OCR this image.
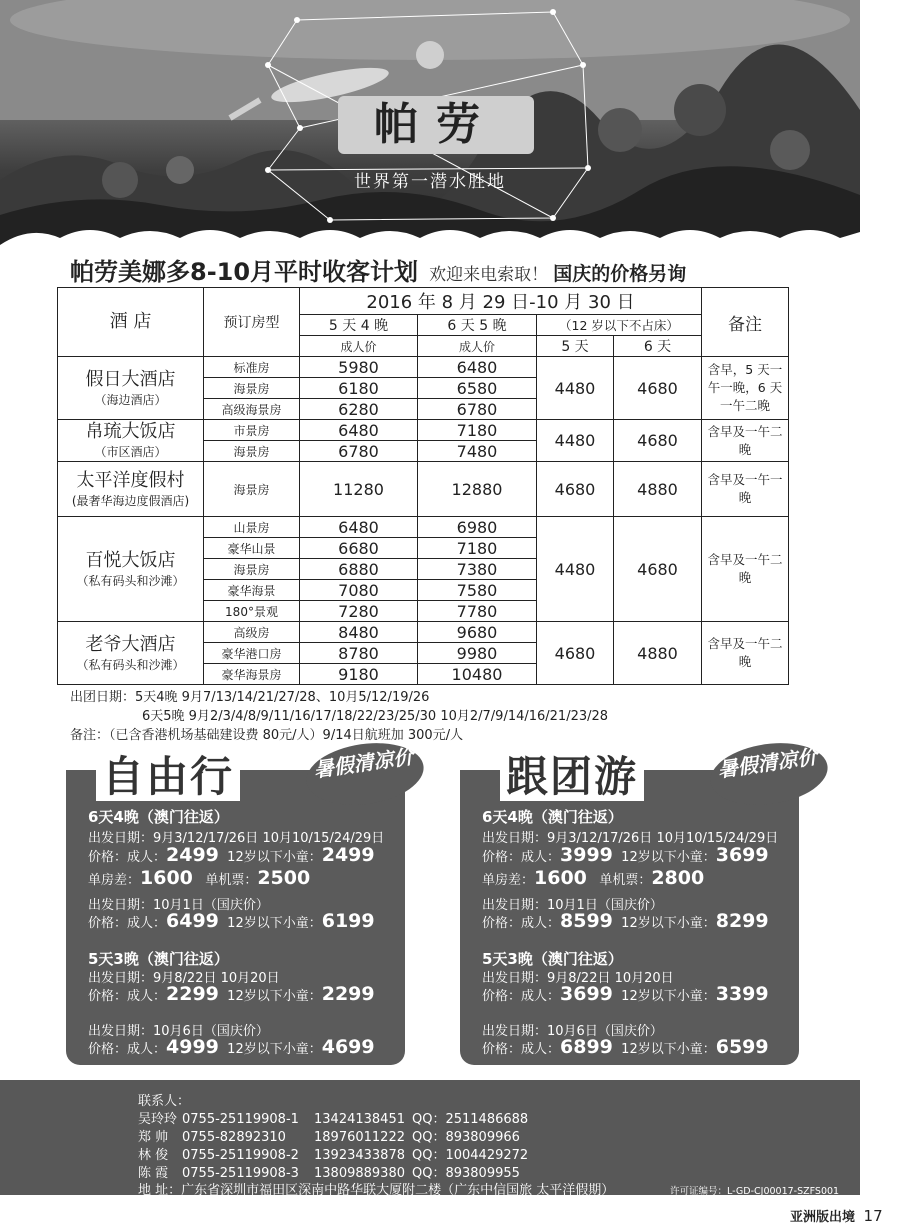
帕劳
世界第一潜水胜地
帕劳美娜多8-10月平时收客计划 欢迎来电索取！ 国庆的价格另询
酒 店	预订房型	2016 年 8 月 29 日-10 月 30 日				备注
		5 天 4 晚	6 天 5 晚	（12 岁以下不占床）		
		成人价	成人价	5 天	6 天	

假日大酒店
（海边酒店）	标准房	5980	6480	4480	4680	含早，5 天一午一晚，6 天一午二晚
	海景房	6180	6580			
	高级海景房	6280	6780			

帛琉大饭店
（市区酒店）	市景房	6480	7180	4480	4680	含早及一午二晚
	海景房	6780	7480			

太平洋度假村
(最奢华海边度假酒店)	海景房	11280	12880	4680	4880	含早及一午一晚

百悦大饭店
（私有码头和沙滩）	山景房	6480	6980	4480	4680	含早及一午二晚
	豪华山景	6680	7180			
	海景房	6880	7380			
	豪华海景	7080	7580			
	180°景观	7280	7780			

老爷大酒店
（私有码头和沙滩）	高级房	8480	9680	4680	4880	含早及一午二晚
	豪华港口房	8780	9980			
	豪华海景房	9180	10480			
出团日期：5天4晚 9月7/13/14/21/27/28、10月5/12/19/26
6天5晚 9月2/3/4/8/9/11/16/17/18/22/23/25/30 10月2/7/9/14/16/21/23/28
备注：（已含香港机场基础建设费 80元/人）9/14日航班加 300元/人
6天4晚（澳门往返）
出发日期：9月3/12/17/26日 10月10/15/24/29日
价格：成人：2499 12岁以下小童：2499
单房差：1600 单机票：2500
出发日期：10月1日（国庆价）
价格：成人：6499 12岁以下小童：6199
5天3晚（澳门往返）
出发日期：9月8/22日 10月20日
价格：成人：2299 12岁以下小童：2299
出发日期：10月6日（国庆价）
价格：成人：4999 12岁以下小童：4699
自由行	暑假清凉价
6天4晚（澳门往返）
出发日期：9月3/12/17/26日 10月10/15/24/29日
价格：成人：3999 12岁以下小童：3699
单房差：1600 单机票：2800
出发日期：10月1日（国庆价）
价格：成人：8599 12岁以下小童：8299
5天3晚（澳门往返）
出发日期：9月8/22日 10月20日
价格：成人：3699 12岁以下小童：3399
出发日期：10月6日（国庆价）
价格：成人：6899 12岁以下小童：6599
跟团游	暑假清凉价
联系人：
吴玲玲 0755-25119908-1 13424138451 QQ：2511486688
郑 帅 0755-82892310 18976011222 QQ：893809966
林 俊 0755-25119908-2 13923433878 QQ：1004429272
陈 霞 0755-25119908-3 13809889380 QQ：893809955
地 址：广东省深圳市福田区深南中路华联大厦附二楼（广东中信国旅 太平洋假期）	许可证编号：L-GD-CJ00017-SZFS001
亚洲版出境 17
